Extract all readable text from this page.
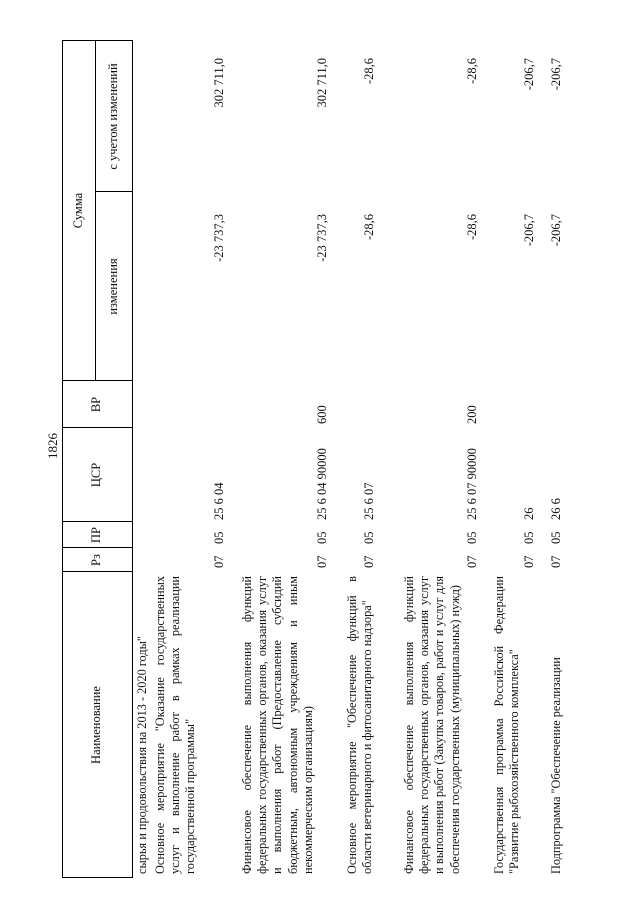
1826
Наименование
Рз
ПР
ЦСР
ВР
Сумма
изменения
с учетом изменений
сырья и продовольствия на 2013 - 2020 годы" Основное мероприятие "Оказание государственных услуг и выполнение работ в рамках реализации государственной программы"
07
05
25 6 04
-23 737,3
302 711,0
Финансовое обеспечение выполнения функций федеральных государственных органов, оказания услуг и выполнения работ (Предоставление субсидий бюджетным, автономным учреждениям и иным некоммерческим организациям)
07
05
25 6 04 90000
600
-23 737,3
302 711,0
Основное мероприятие "Обеспечение функций в области ветеринарного и фитосанитарного надзора"
07
05
25 6 07
-28,6
-28,6
Финансовое обеспечение выполнения функций федеральных государственных органов, оказания услуг и выполнения работ (Закупка товаров, работ и услуг для обеспечения государственных (муниципальных) нужд)
07
05
25 6 07 90000
200
-28,6
-28,6
Государственная программа Российской Федерации "Развитие рыбохозяйственного комплекса"
07
05
26
-206,7
-206,7
Подпрограмма "Обеспечение реализации
07
05
26 6
-206,7
-206,7
